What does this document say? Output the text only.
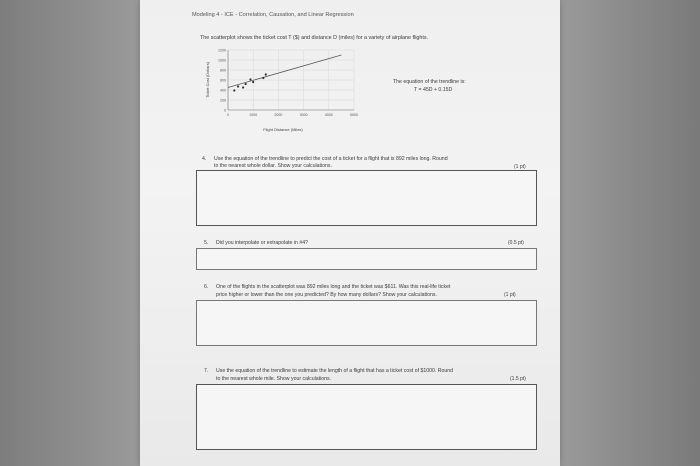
Modeling 4 - ICE - Correlation, Causation, and Linear Regression
The scatterplot shows the ticket cost T ($) and distance D (miles) for a variety of airplane flights.
0
200
400
600
800
1000
1200
0	1000	2000	3000	4000	5000
Ticket Cost (Dollars)
Flight Distance (Miles)
The equation of the trendline is:
T = 45D + 0.15D
4. Use the equation of the trendline to predict the cost of a ticket for a flight that is 892 miles long. Round
to the nearest whole dollar. Show your calculations.	(1 pt)
5. Did you interpolate or extrapolate in #4?	(0.5 pt)
6. One of the flights in the scatterplot was 892 miles long and the ticket was $611. Was this real-life ticket
price higher or lower than the one you predicted? By how many dollars? Show your calculations.	(1 pt)
7. Use the equation of the trendline to estimate the length of a flight that has a ticket cost of $1000. Round
to the nearest whole mile. Show your calculations.	(1.5 pt)
